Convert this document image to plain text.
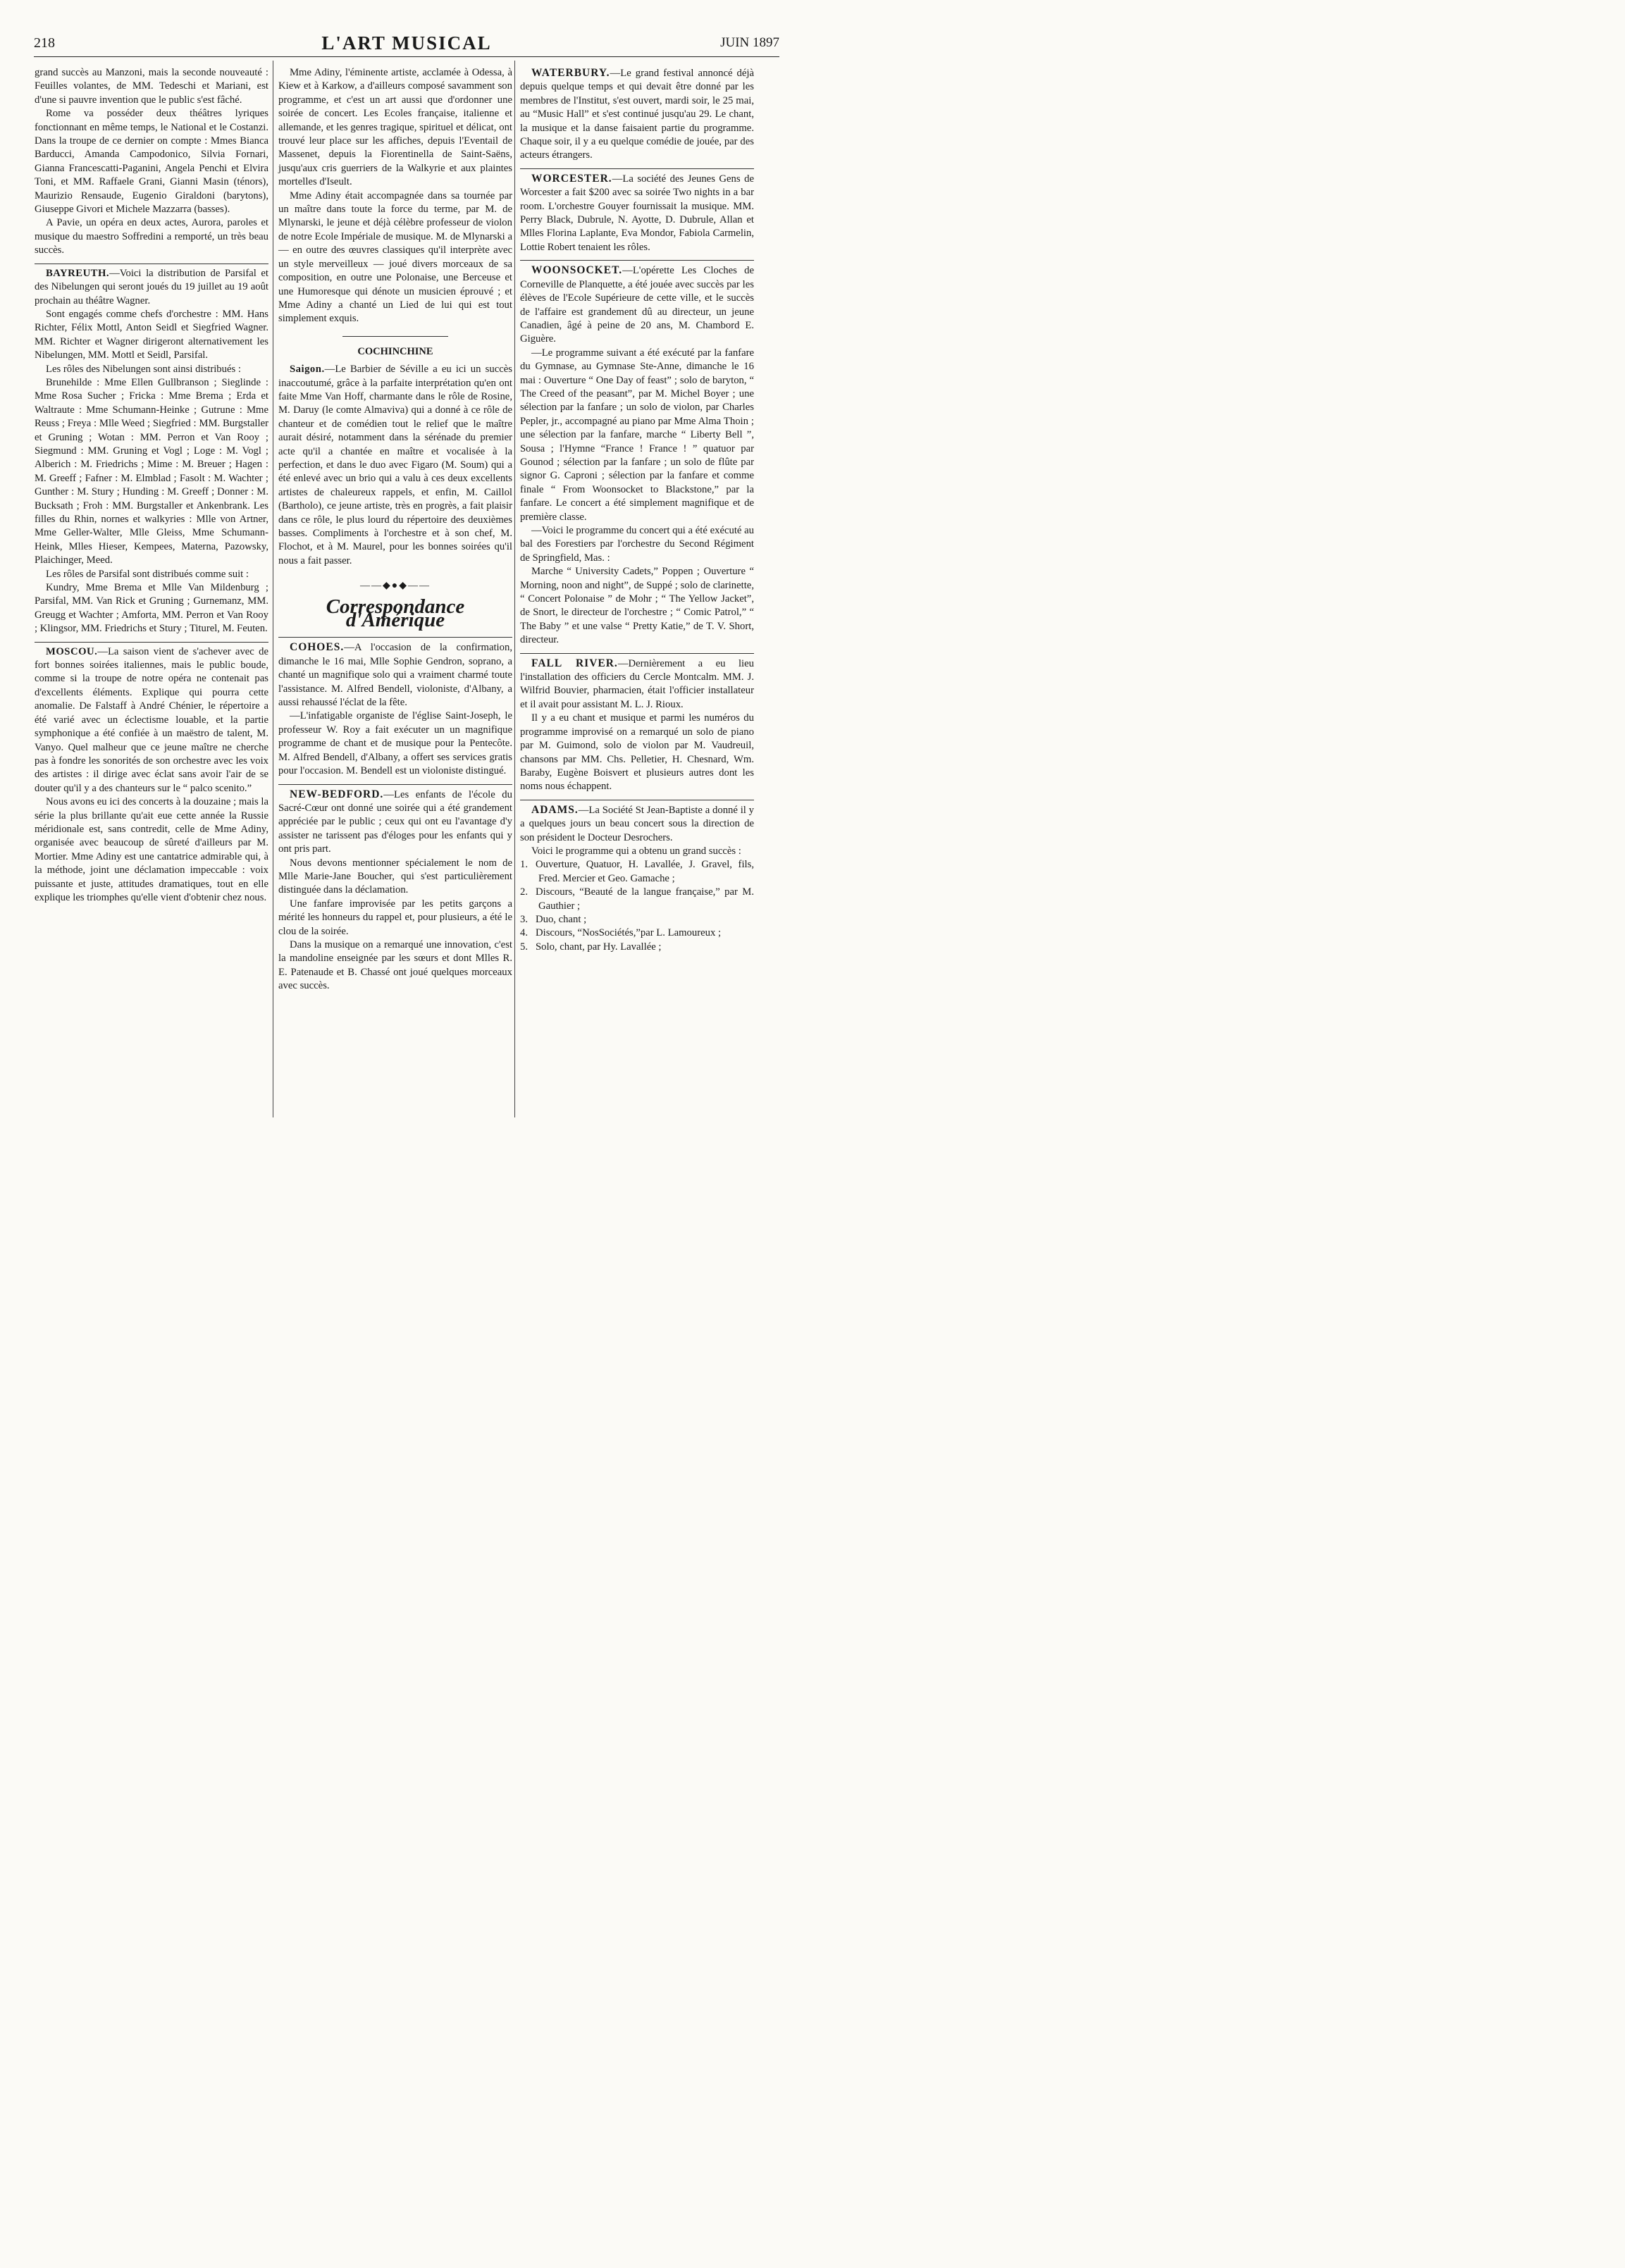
218	L'ART MUSICAL	JUIN 1897

grand succès au Manzoni, mais la seconde nouveauté : Feuilles volantes, de MM. Tedeschi et Mariani, est d'une si pauvre invention que le public s'est fâché.

Rome va posséder deux théâtres lyriques fonctionnant en même temps, le National et le Costanzi. Dans la troupe de ce dernier on compte : Mmes Bianca Barducci, Amanda Campodonico, Silvia Fornari, Gianna Francescatti-Paganini, Angela Penchi et Elvira Toni, et MM. Raffaele Grani, Gianni Masin (ténors), Maurizio Rensaude, Eugenio Giraldoni (barytons), Giuseppe Givori et Michele Mazzarra (basses).

A Pavie, un opéra en deux actes, Aurora, paroles et musique du maestro Soffredini a remporté, un très beau succès.

BAYREUTH.—Voici la distribution de Parsifal et des Nibelungen qui seront joués du 19 juillet au 19 août prochain au théâtre Wagner.

Sont engagés comme chefs d'orchestre : MM. Hans Richter, Félix Mottl, Anton Seidl et Siegfried Wagner. MM. Richter et Wagner dirigeront alternativement les Nibelungen, MM. Mottl et Seidl, Parsifal.

Les rôles des Nibelungen sont ainsi distribués :

Brunehilde : Mme Ellen Gullbranson ; Sieglinde : Mme Rosa Sucher ; Fricka : Mme Brema ; Erda et Waltraute : Mme Schumann-Heinke ; Gutrune : Mme Reuss ; Freya : Mlle Weed ; Siegfried : MM. Burgstaller et Gruning ; Wotan : MM. Perron et Van Rooy ; Siegmund : MM. Gruning et Vogl ; Loge : M. Vogl ; Alberich : M. Friedrichs ; Mime : M. Breuer ; Hagen : M. Greeff ; Fafner : M. Elmblad ; Fasolt : M. Wachter ; Gunther : M. Stury ; Hunding : M. Greeff ; Donner : M. Bucksath ; Froh : MM. Burgstaller et Ankenbrank. Les filles du Rhin, nornes et walkyries : Mlle von Artner, Mme Geller-Walter, Mlle Gleiss, Mme Schumann-Heink, Mlles Hieser, Kempees, Materna, Pazowsky, Plaichinger, Meed.

Les rôles de Parsifal sont distribués comme suit :

Kundry, Mme Brema et Mlle Van Mildenburg ; Parsifal, MM. Van Rick et Gruning ; Gurnemanz, MM. Greugg et Wachter ; Amforta, MM. Perron et Van Rooy ; Klingsor, MM. Friedrichs et Stury ; Titurel, M. Feuten.

MOSCOU.—La saison vient de s'achever avec de fort bonnes soirées italiennes, mais le public boude, comme si la troupe de notre opéra ne contenait pas d'excellents éléments. Explique qui pourra cette anomalie. De Falstaff à André Chénier, le répertoire a été varié avec un éclectisme louable, et la partie symphonique a été confiée à un maëstro de talent, M. Vanyo. Quel malheur que ce jeune maître ne cherche pas à fondre les sonorités de son orchestre avec les voix des artistes : il dirige avec éclat sans avoir l'air de se douter qu'il y a des chanteurs sur le “ palco scenito.”

Nous avons eu ici des concerts à la douzaine ; mais la série la plus brillante qu'ait eue cette année la Russie méridionale est, sans contredit, celle de Mme Adiny, organisée avec beaucoup de sûreté d'ailleurs par M. Mortier. Mme Adiny est une cantatrice admirable qui, à la méthode, joint une déclamation impeccable : voix puissante et juste, attitudes dramatiques, tout en elle explique les triomphes qu'elle vient d'obtenir chez nous.

Mme Adiny, l'éminente artiste, acclamée à Odessa, à Kiew et à Karkow, a d'ailleurs composé savamment son programme, et c'est un art aussi que d'ordonner une soirée de concert. Les Ecoles française, italienne et allemande, et les genres tragique, spirituel et délicat, ont trouvé leur place sur les affiches, depuis l'Eventail de Massenet, depuis la Fiorentinella de Saint-Saëns, jusqu'aux cris guerriers de la Walkyrie et aux plaintes mortelles d'Iseult.

Mme Adiny était accompagnée dans sa tournée par un maître dans toute la force du terme, par M. de Mlynarski, le jeune et déjà célèbre professeur de violon de notre Ecole Impériale de musique. M. de Mlynarski a — en outre des œuvres classiques qu'il interprète avec un style merveilleux — joué divers morceaux de sa composition, en outre une Polonaise, une Berceuse et une Humoresque qui dénote un musicien éprouvé ; et Mme Adiny a chanté un Lied de lui qui est tout simplement exquis.

COCHINCHINE

Saigon.—Le Barbier de Séville a eu ici un succès inaccoutumé, grâce à la parfaite interprétation qu'en ont faite Mme Van Hoff, charmante dans le rôle de Rosine, M. Daruy (le comte Almaviva) qui a donné à ce rôle de chanteur et de comédien tout le relief que le maître aurait désiré, notamment dans la sérénade du premier acte qu'il a chantée en maître et vocalisée à la perfection, et dans le duo avec Figaro (M. Soum) qui a été enlevé avec un brio qui a valu à ces deux excellents artistes de chaleureux rappels, et enfin, M. Caillol (Bartholo), ce jeune artiste, très en progrès, a fait plaisir dans ce rôle, le plus lourd du répertoire des deuxièmes basses. Compliments à l'orchestre et à son chef, M. Flochot, et à M. Maurel, pour les bonnes soirées qu'il nous a fait passer.

——◆●◆——

Correspondance d'Amérique

COHOES.—A l'occasion de la confirmation, dimanche le 16 mai, Mlle Sophie Gendron, soprano, a chanté un magnifique solo qui a vraiment charmé toute l'assistance. M. Alfred Bendell, violoniste, d'Albany, a aussi rehaussé l'éclat de la fête.

—L'infatigable organiste de l'église Saint-Joseph, le professeur W. Roy a fait exécuter un un magnifique programme de chant et de musique pour la Pentecôte. M. Alfred Bendell, d'Albany, a offert ses services gratis pour l'occasion. M. Bendell est un violoniste distingué.

NEW-BEDFORD.—Les enfants de l'école du Sacré-Cœur ont donné une soirée qui a été grandement appréciée par le public ; ceux qui ont eu l'avantage d'y assister ne tarissent pas d'éloges pour les enfants qui y ont pris part.

Nous devons mentionner spécialement le nom de Mlle Marie-Jane Boucher, qui s'est particulièrement distinguée dans la déclamation.

Une fanfare improvisée par les petits garçons a mérité les honneurs du rappel et, pour plusieurs, a été le clou de la soirée.

Dans la musique on a remarqué une innovation, c'est la mandoline enseignée par les sœurs et dont Mlles R. E. Patenaude et B. Chassé ont joué quelques morceaux avec succès.

WATERBURY.—Le grand festival annoncé déjà depuis quelque temps et qui devait être donné par les membres de l'Institut, s'est ouvert, mardi soir, le 25 mai, au “Music Hall” et s'est continué jusqu'au 29. Le chant, la musique et la danse faisaient partie du programme. Chaque soir, il y a eu quelque comédie de jouée, par des acteurs étrangers.

WORCESTER.—La société des Jeunes Gens de Worcester a fait $200 avec sa soirée Two nights in a bar room. L'orchestre Gouyer fournissait la musique. MM. Perry Black, Dubrule, N. Ayotte, D. Dubrule, Allan et Mlles Florina Laplante, Eva Mondor, Fabiola Carmelin, Lottie Robert tenaient les rôles.

WOONSOCKET.—L'opérette Les Cloches de Corneville de Planquette, a été jouée avec succès par les élèves de l'Ecole Supérieure de cette ville, et le succès de l'affaire est grandement dû au directeur, un jeune Canadien, âgé à peine de 20 ans, M. Chambord E. Giguère.

—Le programme suivant a été exécuté par la fanfare du Gymnase, au Gymnase Ste-Anne, dimanche le 16 mai : Ouverture “ One Day of feast” ; solo de baryton, “ The Creed of the peasant”, par M. Michel Boyer ; une sélection par la fanfare ; un solo de violon, par Charles Pepler, jr., accompagné au piano par Mme Alma Thoin ; une sélection par la fanfare, marche “ Liberty Bell ”, Sousa ; l'Hymne “France ! France ! ” quatuor par Gounod ; sélection par la fanfare ; un solo de flûte par signor G. Caproni ; sélection par la fanfare et comme finale “ From Woonsocket to Blackstone,” par la fanfare. Le concert a été simplement magnifique et de première classe.

—Voici le programme du concert qui a été exécuté au bal des Forestiers par l'orchestre du Second Régiment de Springfield, Mas. :

Marche “ University Cadets,” Poppen ; Ouverture “ Morning, noon and night”, de Suppé ; solo de clarinette, “ Concert Polonaise ” de Mohr ; “ The Yellow Jacket”, de Snort, le directeur de l'orchestre ; “ Comic Patrol,” “ The Baby ” et une valse “ Pretty Katie,” de T. V. Short, directeur.

FALL RIVER.—Dernièrement a eu lieu l'installation des officiers du Cercle Montcalm. MM. J. Wilfrid Bouvier, pharmacien, était l'officier installateur et il avait pour assistant M. L. J. Rioux.

Il y a eu chant et musique et parmi les numéros du programme improvisé on a remarqué un solo de piano par M. Guimond, solo de violon par M. Vaudreuil, chansons par MM. Chs. Pelletier, H. Chesnard, Wm. Baraby, Eugène Boisvert et plusieurs autres dont les noms nous échappent.

ADAMS.—La Société St Jean-Baptiste a donné il y a quelques jours un beau concert sous la direction de son président le Docteur Desrochers.

Voici le programme qui a obtenu un grand succès :

1. Ouverture, Quatuor, H. Lavallée, J. Gravel, fils, Fred. Mercier et Geo. Gamache ;

2. Discours, “Beauté de la langue française,” par M. Gauthier ;

3. Duo, chant ;

4. Discours, “NosSociétés,”par L. Lamoureux ;

5. Solo, chant, par Hy. Lavallée ;
